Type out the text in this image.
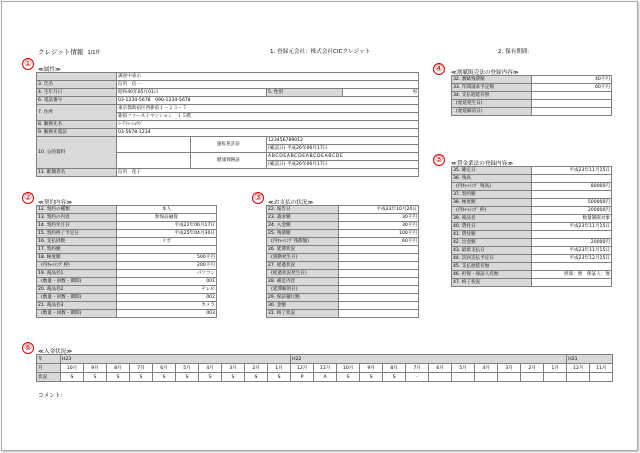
クレジット情報 1/1件	1. 登録元会社：株式会社CICクレジット	2. 保有期間：
①
②	③
④
⑤
⑥
≪属性≫
	調査中表示			
3. 氏名	信用　信一			
4. 生年月日	昭和40年05月01日		5. 性別	男
6. 電話番号	03-1234-5678　090-1234-5678			
7. 住所	東京都新宿区西新宿１－２３－７			
	新宿ファーストマンション　１５階			
8. 勤務先名	ｼｰｱｲｼｰｼｮｳｼﾞ			
9. 勤務先電話	03-5678-1234			
10. 公的資料		運転免許証	123456789012	
			(確認日) 平成26年06月17日	
		健康保険証	ABCDEABCDEABCDEABCDE	
			(確認日) 平成26年06月17日	
11. 配偶者名	信用　花子			
≪契約内容≫
12. 契約の種類	本人
13. 契約の内容	無保証融資
14. 契約年月日	平成22年06月17日
15. 契約終了予定日	平成25年04月30日
16. 支払回数	リボ
17. 契約額	
18. 極度額	500千円
(内ｷｬｯｼﾝｸﾞ枠)	200千円
19. 商品名1	パソコン
(数量・回数・期間)	001
20. 商品名2	テレビ
(数量・回数・期間)	002
21. 商品名3	カメラ
(数量・回数・期間)	003
≪お支払の状況≫
22. 報告日	平成23年10月20日
23. 請求額	30千円
24. 入金額	30千円
25. 残債額	100千円
(内ｷｬｯｼﾝｸﾞ残債額)	60千円
26. 延滞状況	
(異動発生日)	
27. 経過状況	
(経過状況発生日)	
28. 補足内容	
(延滞解消日)	
29. 保証履行額	
30. 金額	
31. 終了状況	
≪割賦販売法の登録内容≫
32. 割賦残債額	40千円
33. 年間請求予定額	60千円
34. 支払遅延有無	
(遅延発生日)	
(遅延解消日)	
≪貸金業法の登録内容≫
35. 確定日	平成23年11月15日
36. 残高	
(内ｷｬｯｼﾝｸﾞ 残高)	80000円
37. 契約額	
38. 極度額	500000円
(内ｷｬｯｼﾝｸﾞ 枠)	200000円
39. 商品名	数量制限対象
40. 貸付日	平成23年11月15日
41. 貸付額	
42. 出金額	20000円
43. 最新支払日	平成23年11月15日
44. 次回支払予定日	平成23年12月15日
45. 支払遅延有無	
46. 担保・保証人有無	担保：無　保証人：無
47. 終了状況	
≪入金状況≫
年	H23										H22												H21	
月	10月	9月	8月	7月	6月	5月	4月	3月	2月	1月	12月	11月	10月	9月	8月	7月	6月	5月	4月	3月	2月	1月	12月	11月
状況	S	S	S	S	S	S	S	S	S	S	P	A	S	S	S	-								
コメント：
